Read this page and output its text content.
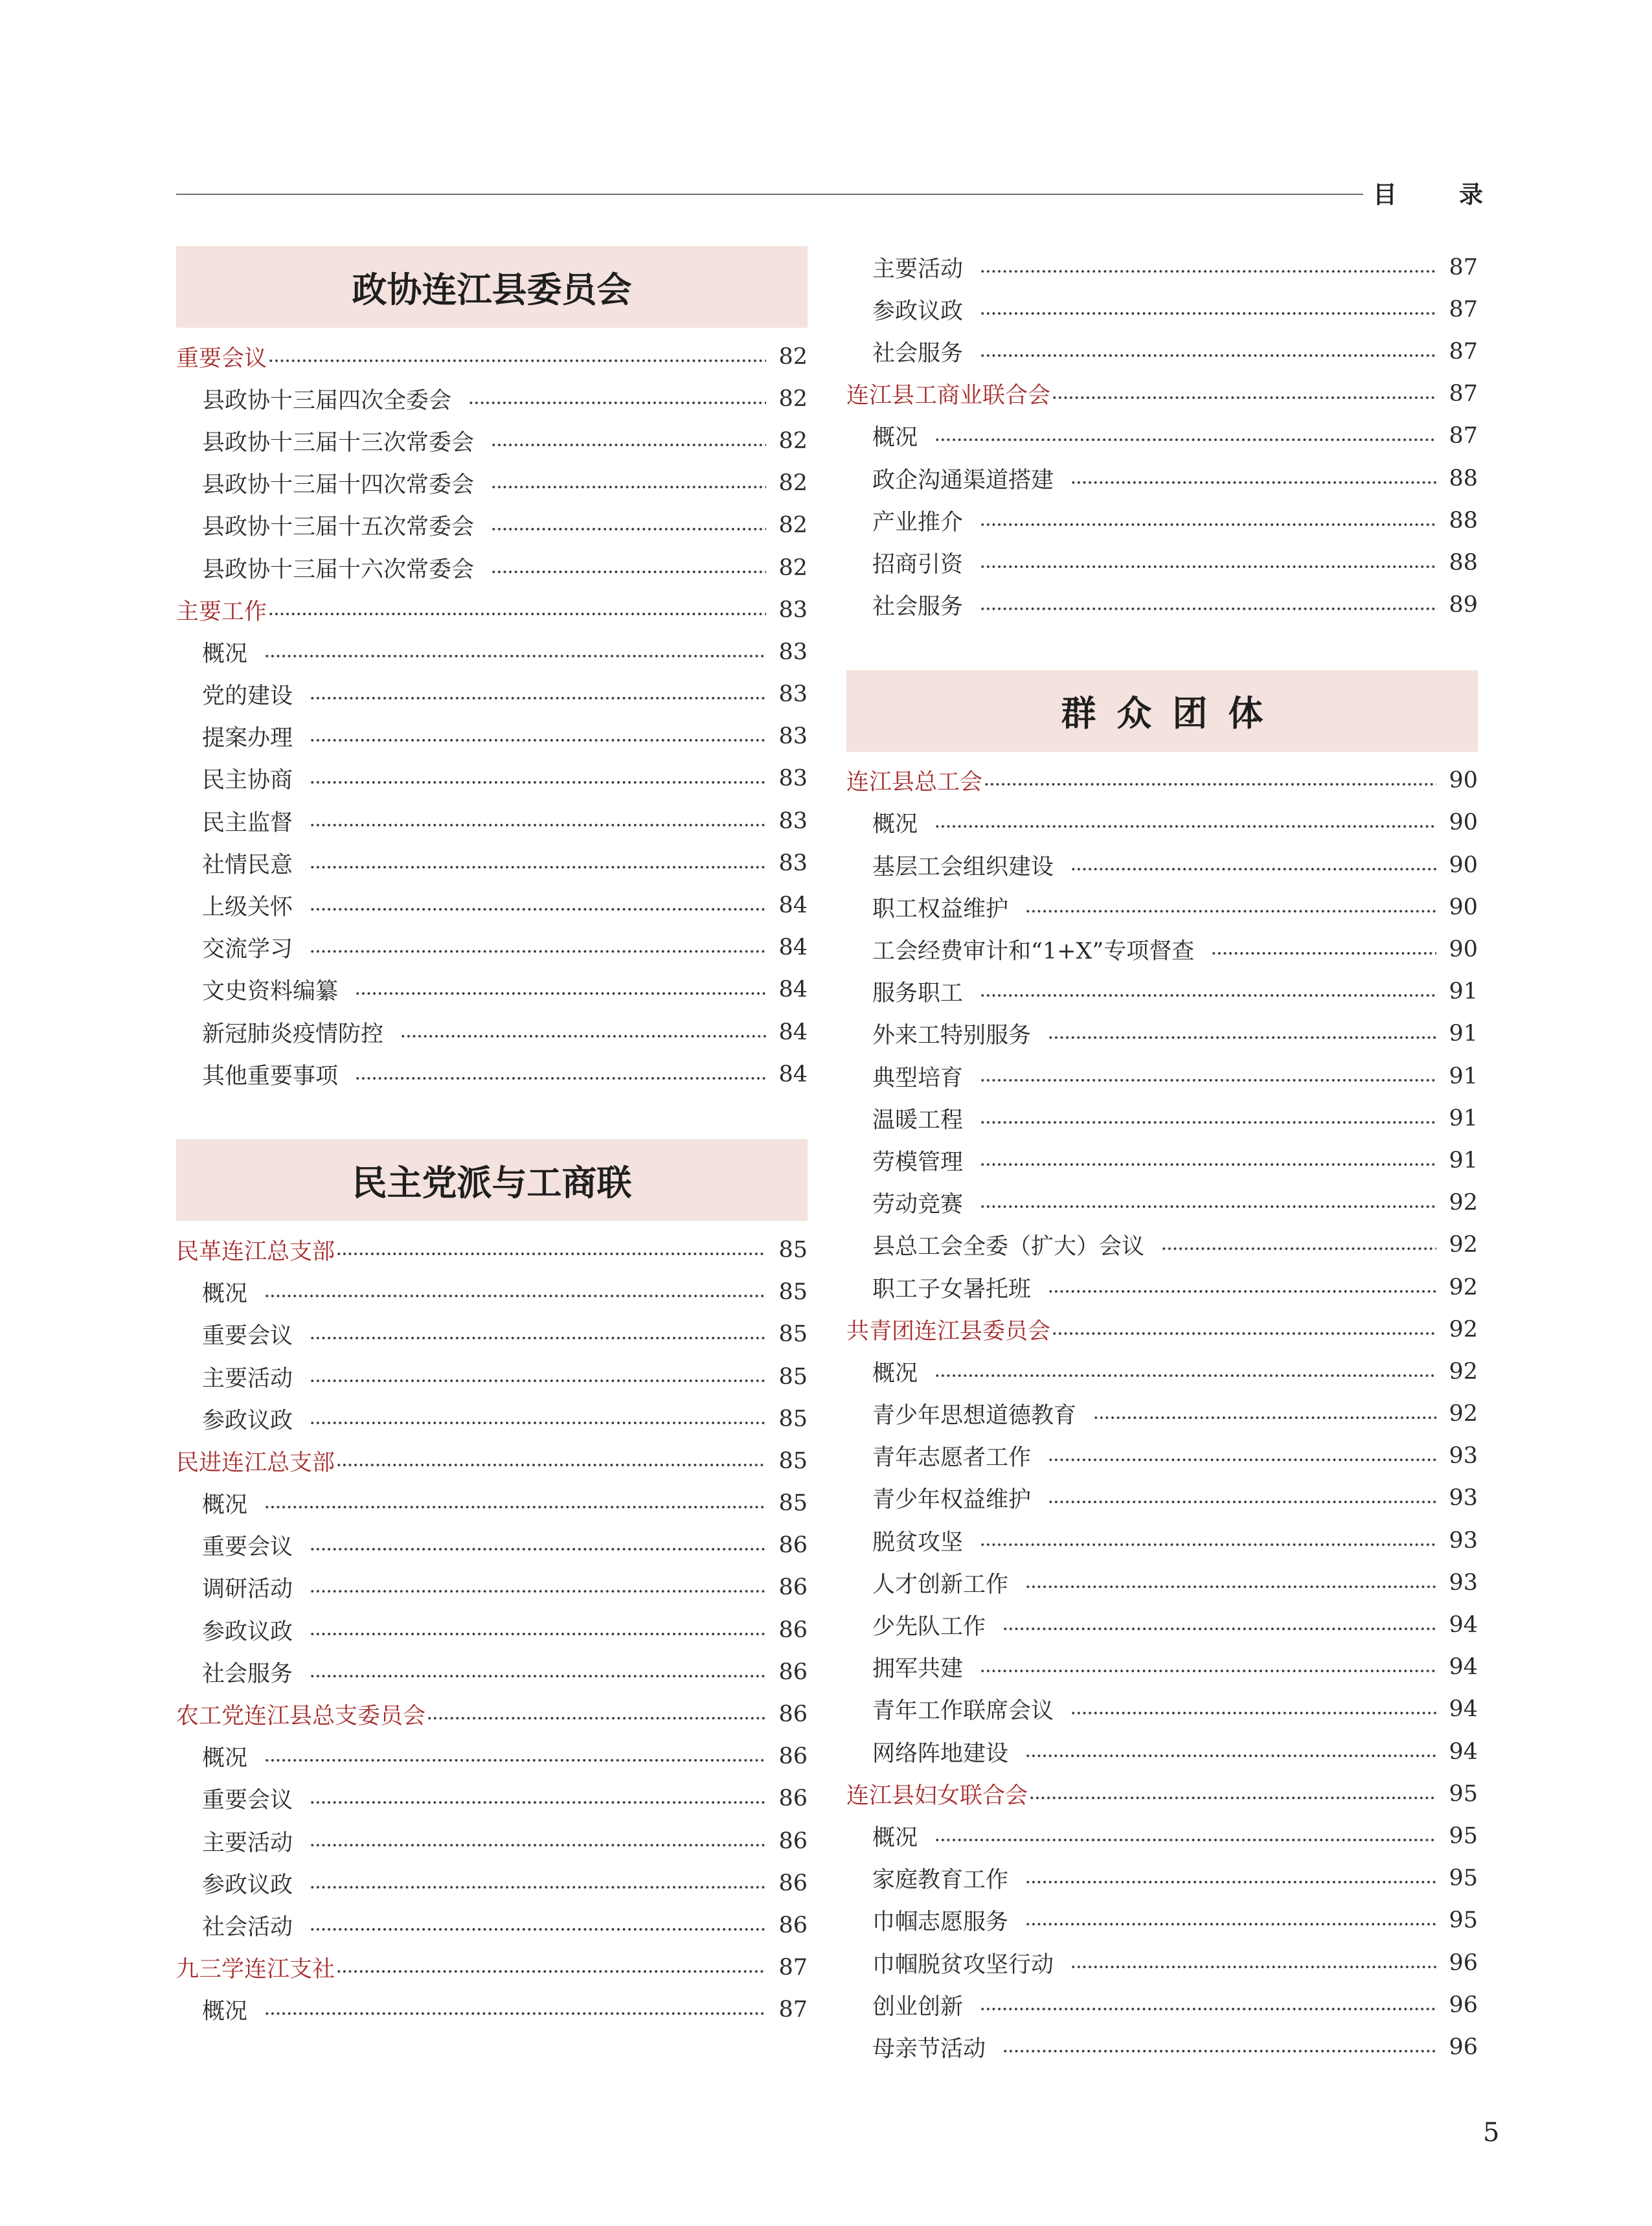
目	录
政协连江县委员会
重要会议	82
县政协十三届四次全委会	82
县政协十三届十三次常委会	82
县政协十三届十四次常委会	82
县政协十三届十五次常委会	82
县政协十三届十六次常委会	82
主要工作	83
概况	83
党的建设	83
提案办理	83
民主协商	83
民主监督	83
社情民意	83
上级关怀	84
交流学习	84
文史资料编纂	84
新冠肺炎疫情防控	84
其他重要事项	84
民主党派与工商联
民革连江总支部	85
概况	85
重要会议	85
主要活动	85
参政议政	85
民进连江总支部	85
概况	85
重要会议	86
调研活动	86
参政议政	86
社会服务	86
农工党连江县总支委员会	86
概况	86
重要会议	86
主要活动	86
参政议政	86
社会活动	86
九三学连江支社	87
概况	87
主要活动	87
参政议政	87
社会服务	87
连江县工商业联合会	87
概况	87
政企沟通渠道搭建	88
产业推介	88
招商引资	88
社会服务	89
群众团体
连江县总工会	90
概况	90
基层工会组织建设	90
职工权益维护	90
工会经费审计和“1+X”专项督查	90
服务职工	91
外来工特别服务	91
典型培育	91
温暖工程	91
劳模管理	91
劳动竞赛	92
县总工会全委（扩大）会议	92
职工子女暑托班	92
共青团连江县委员会	92
概况	92
青少年思想道德教育	92
青年志愿者工作	93
青少年权益维护	93
脱贫攻坚	93
人才创新工作	93
少先队工作	94
拥军共建	94
青年工作联席会议	94
网络阵地建设	94
连江县妇女联合会	95
概况	95
家庭教育工作	95
巾帼志愿服务	95
巾帼脱贫攻坚行动	96
创业创新	96
母亲节活动	96
5
